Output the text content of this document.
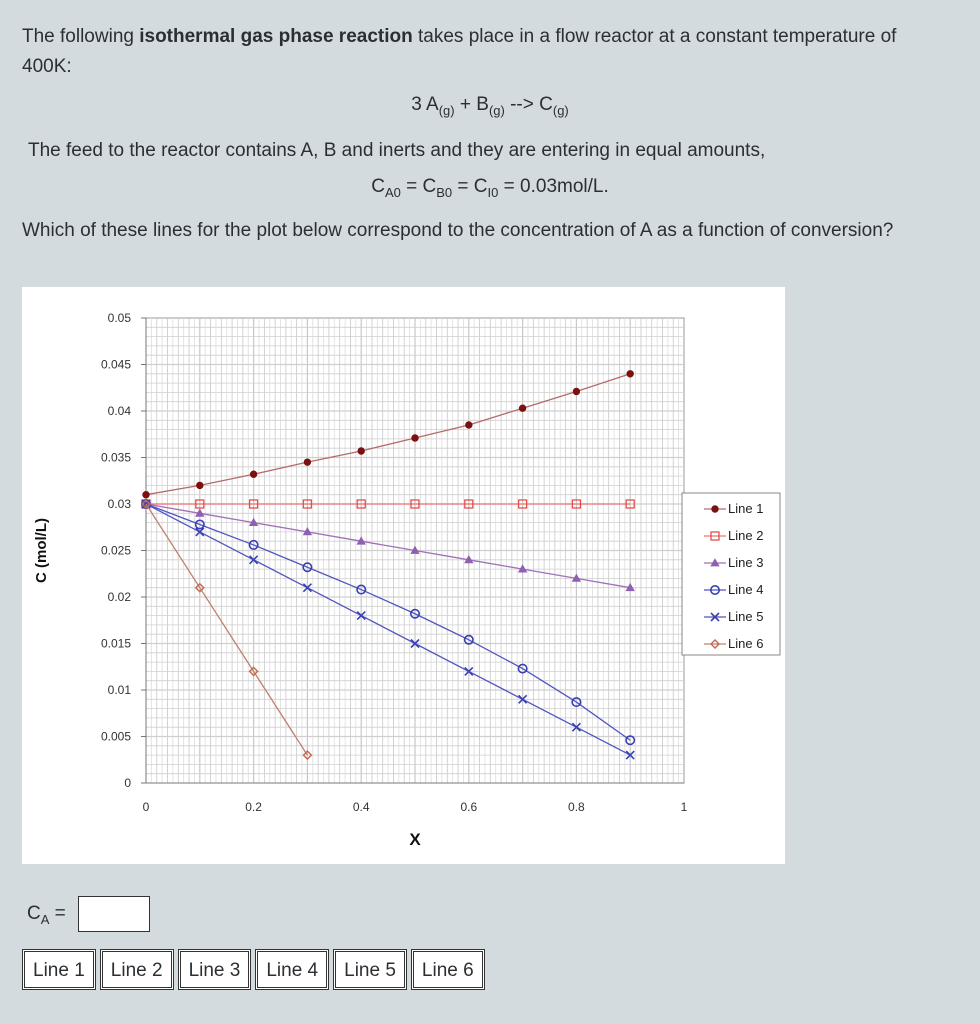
The following isothermal gas phase reaction takes place in a flow reactor at a constant temperature of 400K:

3 $A_{(g)} + B_{(g)}$ --> $C_{(g)}$

The feed to the reactor contains A, B and inerts and they are entering in equal amounts,

$C_{A0} = C_{B0} = C_{I0} = 0.03mol/L$.

Which of these lines for the plot below correspond to the concentration of A as a function of conversion?

0
0.005
0.01
0.015
0.02
0.025
0.03
0.035
0.04
0.045
0.05
0	0.2	0.4	0.6	0.8	1
X
C (mol/L)
Line 1
Line 2
Line 3
Line 4
Line 5
Line 6
$C_A$ =
Line 1	Line 2	Line 3	Line 4	Line 5	Line 6
